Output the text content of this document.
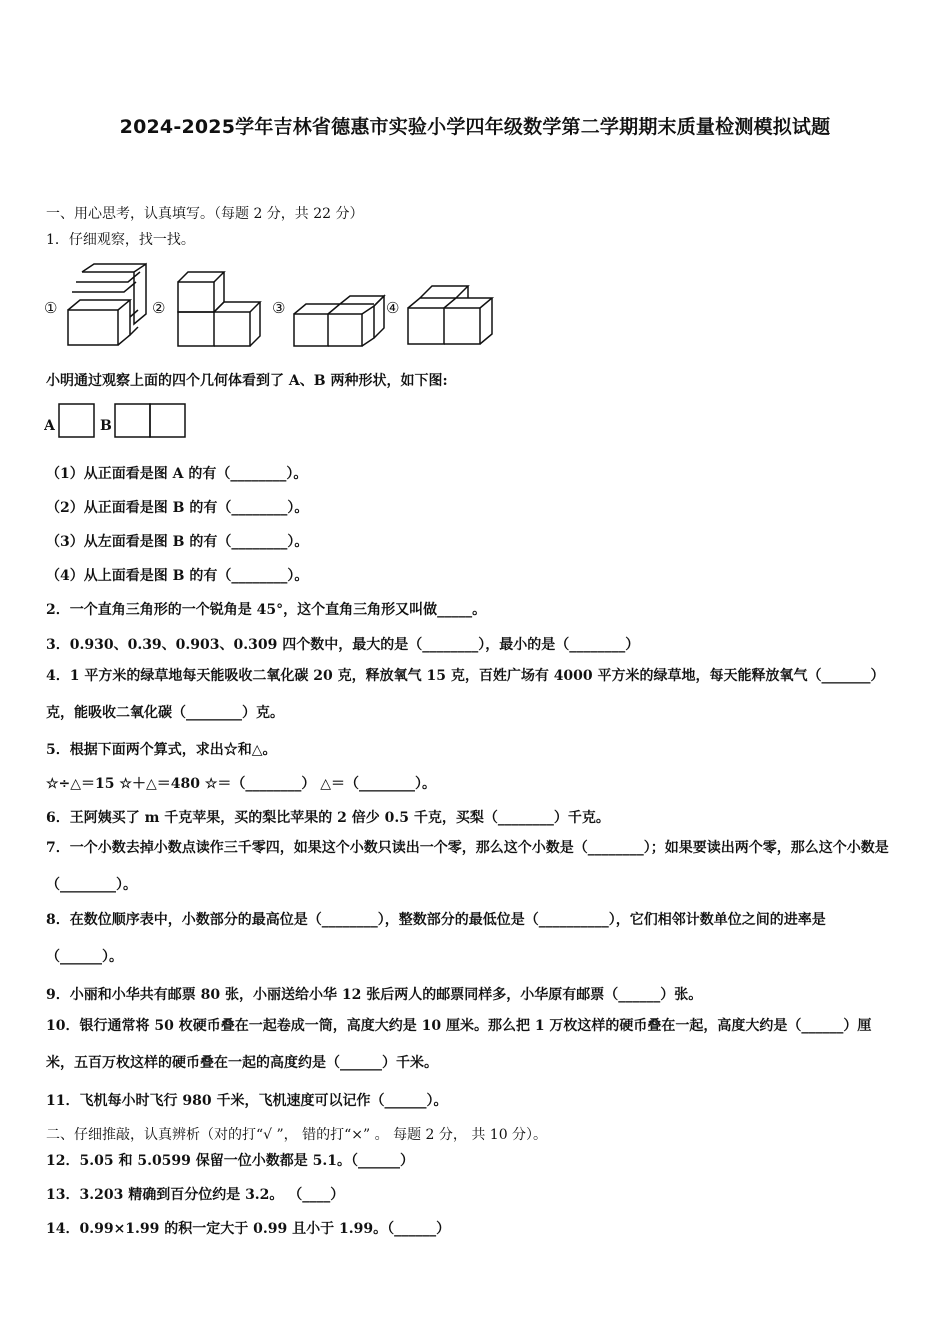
2024-2025学年吉林省德惠市实验小学四年级数学第二学期期末质量检测模拟试题
一、用心思考，认真填写。（每题 2 分，共 22 分）
1．仔细观察，找一找。
①	②	③	④
小明通过观察上面的四个几何体看到了 A、B 两种形状，如下图:
A	B
（1）从正面看是图 A 的有（________）。
（2）从正面看是图 B 的有（________）。
（3）从左面看是图 B 的有（________）。
（4）从上面看是图 B 的有（________）。
2．一个直角三角形的一个锐角是 45°，这个直角三角形又叫做_____。
3．0.930、0.39、0.903、0.309 四个数中，最大的是（________），最小的是（________）
4．1 平方米的绿草地每天能吸收二氧化碳 20 克，释放氧气 15 克，百姓广场有 4000 平方米的绿草地，每天能释放氧气（_______）克，能吸收二氧化碳（________）克。
5．根据下面两个算式，求出☆和△。
☆÷△＝15 ☆＋△＝480 ☆＝（________） △＝（________）。
6．王阿姨买了 m 千克苹果，买的梨比苹果的 2 倍少 0.5 千克，买梨（________）千克。
7．一个小数去掉小数点读作三千零四，如果这个小数只读出一个零，那么这个小数是（________）；如果要读出两个零，那么这个小数是（________）。
8．在数位顺序表中，小数部分的最高位是（________），整数部分的最低位是（__________），它们相邻计数单位之间的进率是（______）。
9．小丽和小华共有邮票 80 张，小丽送给小华 12 张后两人的邮票同样多，小华原有邮票（______）张。
10．银行通常将 50 枚硬币叠在一起卷成一筒，高度大约是 10 厘米。那么把 1 万枚这样的硬币叠在一起，高度大约是（______）厘米，五百万枚这样的硬币叠在一起的高度约是（______）千米。
11．飞机每小时飞行 980 千米，飞机速度可以记作（______）。
二、仔细推敲，认真辨析（对的打“√ ”， 错的打“×” 。 每题 2 分， 共 10 分）。
12．5.05 和 5.0599 保留一位小数都是 5.1。（______）
13．3.203 精确到百分位约是 3.2。 （____）
14．0.99×1.99 的积一定大于 0.99 且小于 1.99。（______）
